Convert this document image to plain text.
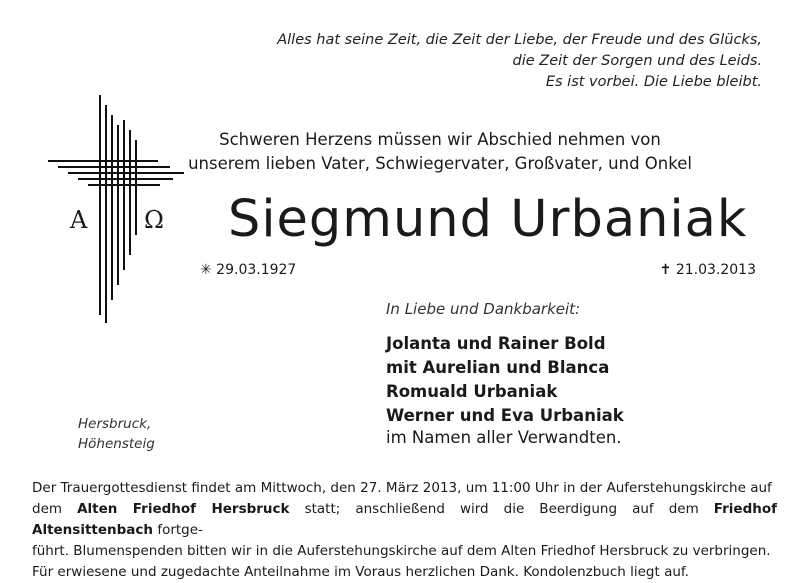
Alles hat seine Zeit, die Zeit der Liebe, der Freude und des Glücks,
die Zeit der Sorgen und des Leids.
Es ist vorbei. Die Liebe bleibt.
A Ω
Schweren Herzens müssen wir Abschied nehmen von
unserem lieben Vater, Schwiegervater, Großvater, und Onkel
Siegmund Urbaniak
✳ 29.03.1927	✝ 21.03.2013
In Liebe und Dankbarkeit:
Jolanta und Rainer Bold
mit Aurelian und Blanca
Romuald Urbaniak
Werner und Eva Urbaniak
im Namen aller Verwandten.
Hersbruck,
Höhensteig
Der Trauergottesdienst findet am Mittwoch, den 27. März 2013, um 11:00 Uhr in der Auferstehungskirche auf
dem Alten Friedhof Hersbruck statt; anschließend wird die Beerdigung auf dem Friedhof Altensittenbach fortge-
führt. Blumenspenden bitten wir in die Auferstehungskirche auf dem Alten Friedhof Hersbruck zu verbringen.
Für erwiesene und zugedachte Anteilnahme im Voraus herzlichen Dank. Kondolenzbuch liegt auf.
